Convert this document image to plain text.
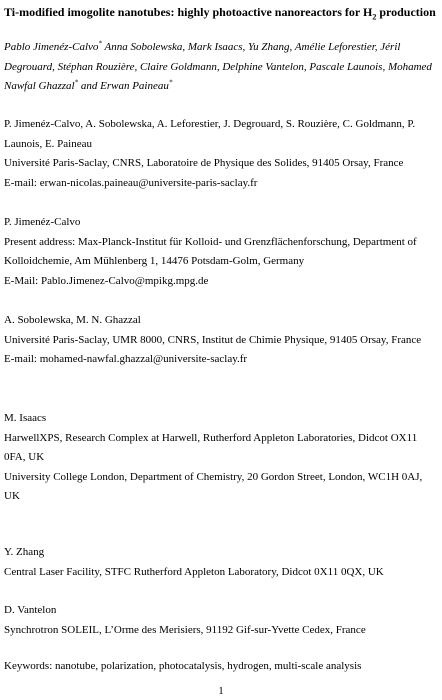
Ti-modified imogolite nanotubes: highly photoactive nanoreactors for $H_2$ production
Pablo Jimenéz-Calvo* Anna Sobolewska, Mark Isaacs, Yu Zhang, Amélie Leforestier, Jéril Degrouard, Stéphan Rouzière, Claire Goldmann, Delphine Vantelon, Pascale Launois, Mohamed Nawfal Ghazzal* and Erwan Paineau*

P. Jimenéz-Calvo, A. Sobolewska, A. Leforestier, J. Degrouard, S. Rouzière, C. Goldmann, P. Launois, E. Paineau

Université Paris-Saclay, CNRS, Laboratoire de Physique des Solides, 91405 Orsay, France

E-mail: erwan-nicolas.paineau@universite-paris-saclay.fr

P. Jimenéz-Calvo

Present address: Max-Planck-Institut für Kolloid- und Grenzflächenforschung, Department of Kolloidchemie, Am Mühlenberg 1, 14476 Potsdam-Golm, Germany

E-Mail: Pablo.Jimenez-Calvo@mpikg.mpg.de

A. Sobolewska, M. N. Ghazzal

Université Paris-Saclay, UMR 8000, CNRS, Institut de Chimie Physique, 91405 Orsay, France

E-mail: mohamed-nawfal.ghazzal@universite-saclay.fr

M. Isaacs

HarwellXPS, Research Complex at Harwell, Rutherford Appleton Laboratories, Didcot OX11 0FA, UK

University College London, Department of Chemistry, 20 Gordon Street, London, WC1H 0AJ, UK

Y. Zhang

Central Laser Facility, STFC Rutherford Appleton Laboratory, Didcot 0X11 0QX, UK

D. Vantelon

Synchrotron SOLEIL, L’Orme des Merisiers, 91192 Gif-sur-Yvette Cedex, France

Keywords: nanotube, polarization, photocatalysis, hydrogen, multi-scale analysis

1
